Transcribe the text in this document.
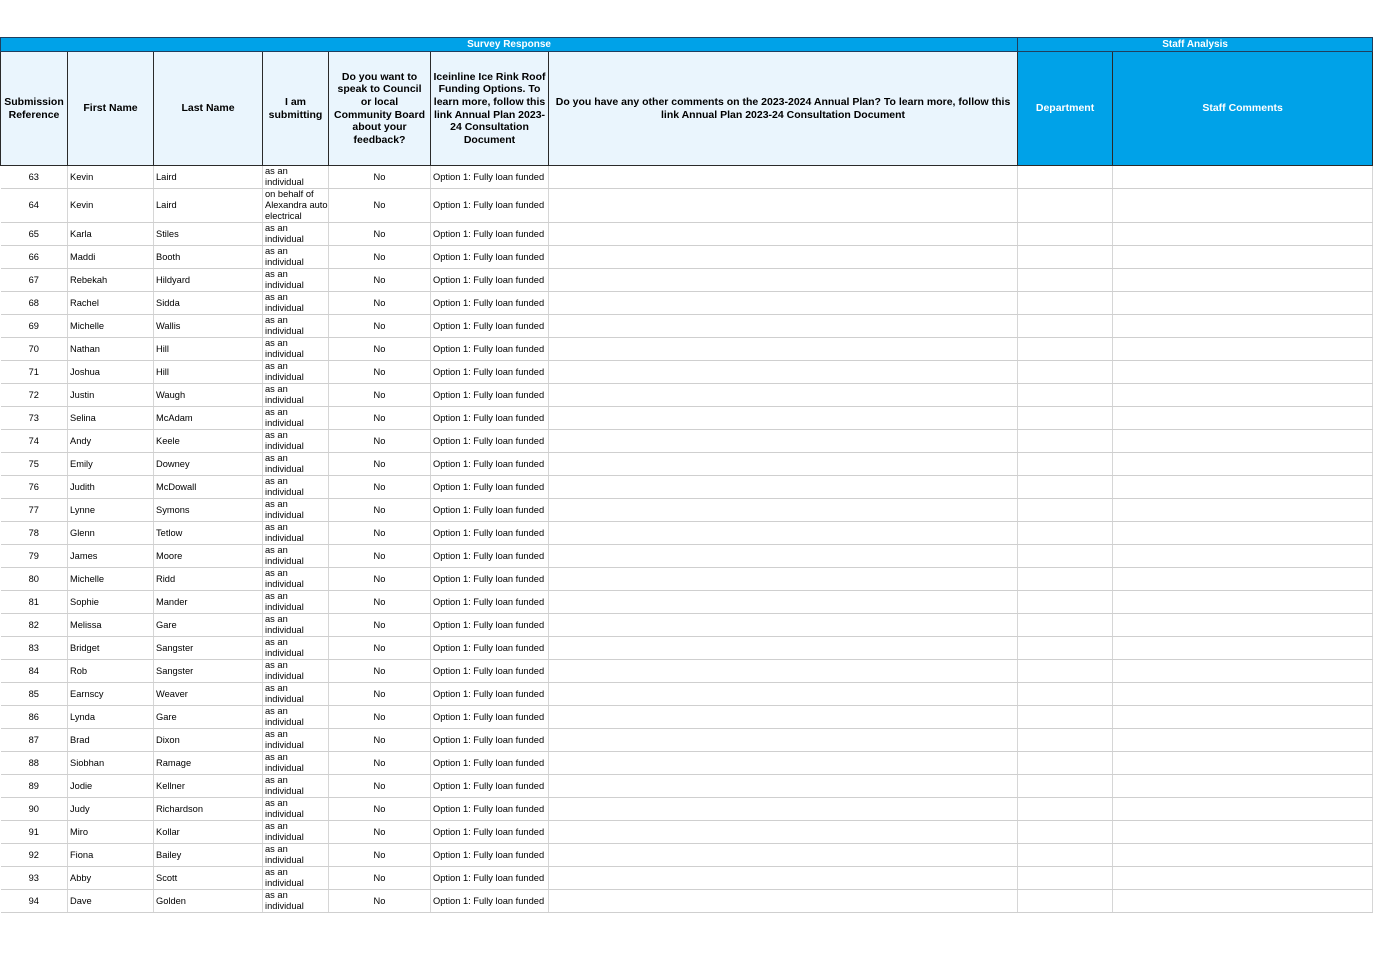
Survey Response							Staff Analysis	
Submission Reference	First Name	Last Name	I am submitting	Do you want to speak to Council or local Community Board about your feedback?	Iceinline Ice Rink Roof Funding Options. To learn more, follow this link Annual Plan 2023-24 Consultation Document	Do you have any other comments on the 2023-2024 Annual Plan? To learn more, follow this link Annual Plan 2023-24 Consultation Document	Department	Staff Comments
63	Kevin	Laird	as an individual	No	Option 1: Fully loan funded			
64	Kevin	Laird	on behalf of Alexandra auto electrical	No	Option 1: Fully loan funded			
65	Karla	Stiles	as an individual	No	Option 1: Fully loan funded			
66	Maddi	Booth	as an individual	No	Option 1: Fully loan funded			
67	Rebekah	Hildyard	as an individual	No	Option 1: Fully loan funded			
68	Rachel	Sidda	as an individual	No	Option 1: Fully loan funded			
69	Michelle	Wallis	as an individual	No	Option 1: Fully loan funded			
70	Nathan	Hill	as an individual	No	Option 1: Fully loan funded			
71	Joshua	Hill	as an individual	No	Option 1: Fully loan funded			
72	Justin	Waugh	as an individual	No	Option 1: Fully loan funded			
73	Selina	McAdam	as an individual	No	Option 1: Fully loan funded			
74	Andy	Keele	as an individual	No	Option 1: Fully loan funded			
75	Emily	Downey	as an individual	No	Option 1: Fully loan funded			
76	Judith	McDowall	as an individual	No	Option 1: Fully loan funded			
77	Lynne	Symons	as an individual	No	Option 1: Fully loan funded			
78	Glenn	Tetlow	as an individual	No	Option 1: Fully loan funded			
79	James	Moore	as an individual	No	Option 1: Fully loan funded			
80	Michelle	Ridd	as an individual	No	Option 1: Fully loan funded			
81	Sophie	Mander	as an individual	No	Option 1: Fully loan funded			
82	Melissa	Gare	as an individual	No	Option 1: Fully loan funded			
83	Bridget	Sangster	as an individual	No	Option 1: Fully loan funded			
84	Rob	Sangster	as an individual	No	Option 1: Fully loan funded			
85	Earnscy	Weaver	as an individual	No	Option 1: Fully loan funded			
86	Lynda	Gare	as an individual	No	Option 1: Fully loan funded			
87	Brad	Dixon	as an individual	No	Option 1: Fully loan funded			
88	Siobhan	Ramage	as an individual	No	Option 1: Fully loan funded			
89	Jodie	Kellner	as an individual	No	Option 1: Fully loan funded			
90	Judy	Richardson	as an individual	No	Option 1: Fully loan funded			
91	Miro	Kollar	as an individual	No	Option 1: Fully loan funded			
92	Fiona	Bailey	as an individual	No	Option 1: Fully loan funded			
93	Abby	Scott	as an individual	No	Option 1: Fully loan funded			
94	Dave	Golden	as an individual	No	Option 1: Fully loan funded			
